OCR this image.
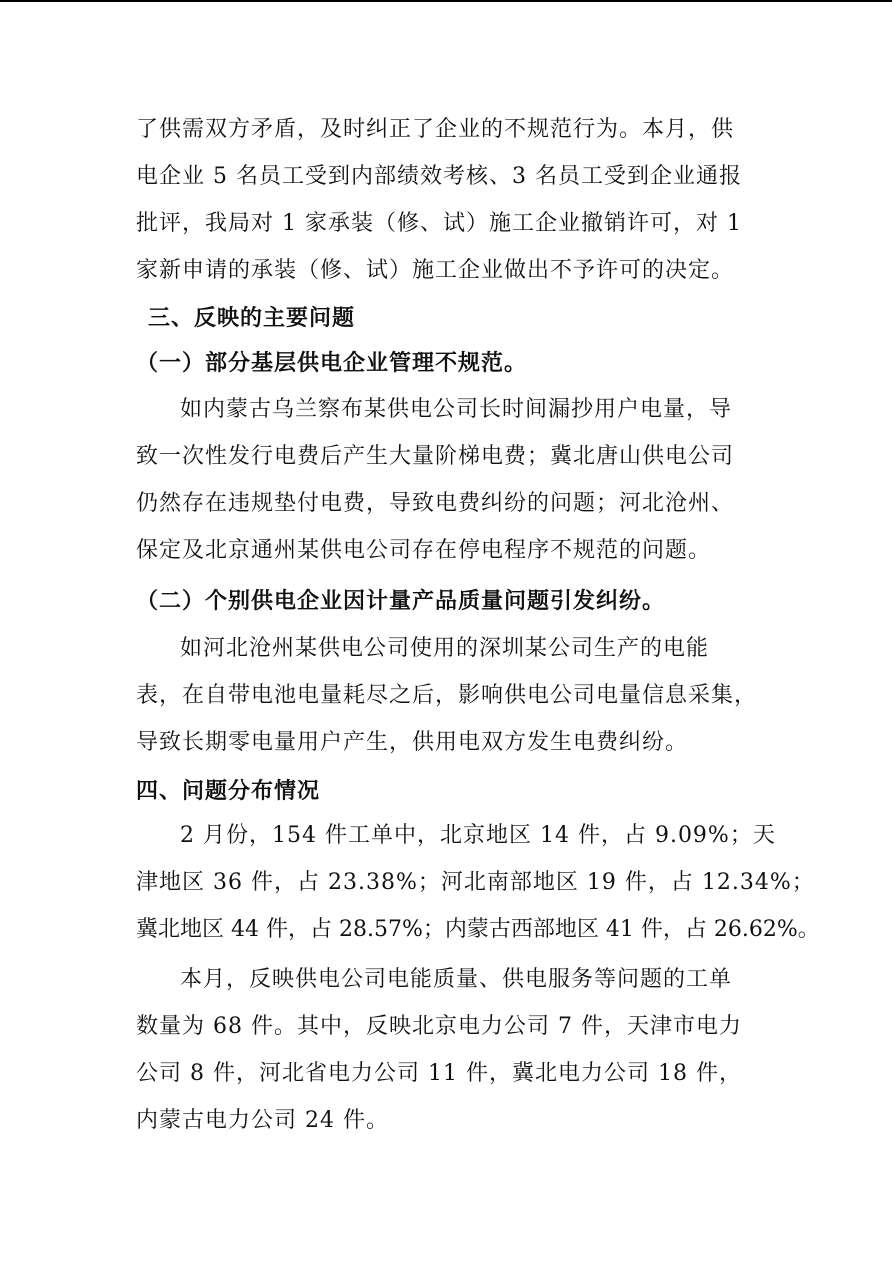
了供需双方矛盾，及时纠正了企业的不规范行为。本月，供
电企业 5 名员工受到内部绩效考核、3 名员工受到企业通报
批评，我局对 1 家承装（修、试）施工企业撤销许可，对 1
家新申请的承装（修、试）施工企业做出不予许可的决定。
三、反映的主要问题
（一）部分基层供电企业管理不规范。
如内蒙古乌兰察布某供电公司长时间漏抄用户电量，导
致一次性发行电费后产生大量阶梯电费；冀北唐山供电公司
仍然存在违规垫付电费，导致电费纠纷的问题；河北沧州、
保定及北京通州某供电公司存在停电程序不规范的问题。
（二）个别供电企业因计量产品质量问题引发纠纷。
如河北沧州某供电公司使用的深圳某公司生产的电能
表，在自带电池电量耗尽之后，影响供电公司电量信息采集，
导致长期零电量用户产生，供用电双方发生电费纠纷。
四、问题分布情况
2 月份，154 件工单中，北京地区 14 件，占 9.09%；天
津地区 36 件，占 23.38%；河北南部地区 19 件，占 12.34%；
冀北地区 44 件，占 28.57%；内蒙古西部地区 41 件，占 26.62%。
本月，反映供电公司电能质量、供电服务等问题的工单
数量为 68 件。其中，反映北京电力公司 7 件，天津市电力
公司 8 件，河北省电力公司 11 件，冀北电力公司 18 件，
内蒙古电力公司 24 件。
